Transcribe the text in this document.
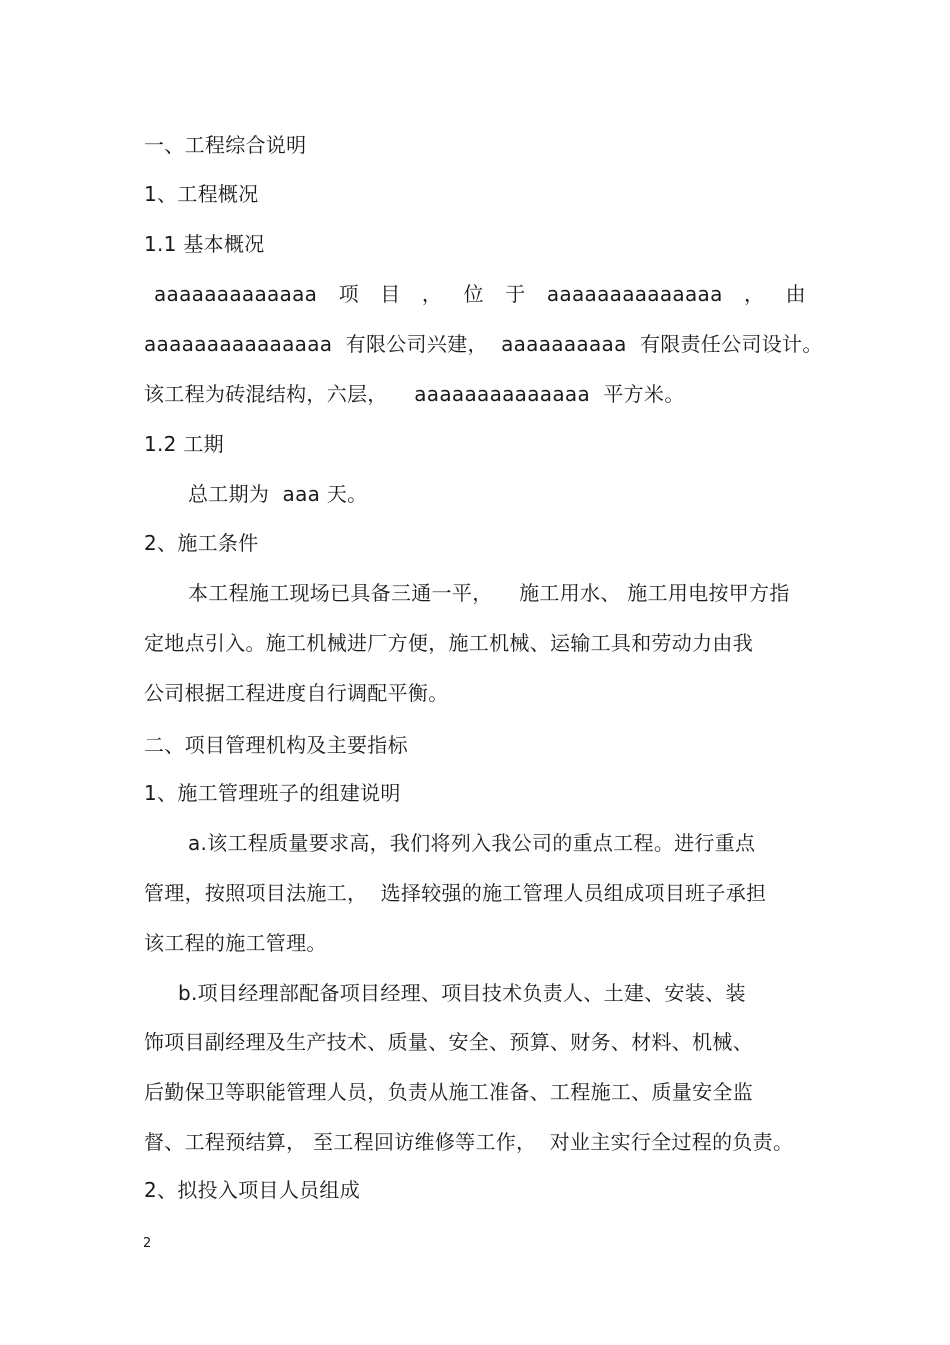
一、工程综合说明
1、工程概况
1.1 基本概况
aaaaaaaaaaaaa 项 目 ， 位 于 aaaaaaaaaaaaaa ， 由
aaaaaaaaaaaaaaa  有限公司兴建，  aaaaaaaaaa  有限责任公司设计。
该工程为砖混结构，六层，    aaaaaaaaaaaaaa  平方米。
1.2 工期
总工期为  aaa 天。
2、施工条件
本工程施工现场已具备三通一平，    施工用水、 施工用电按甲方指
定地点引入。施工机械进厂方便，施工机械、运输工具和劳动力由我
公司根据工程进度自行调配平衡。
二、项目管理机构及主要指标
1、施工管理班子的组建说明
a.该工程质量要求高，我们将列入我公司的重点工程。进行重点
管理，按照项目法施工，  选择较强的施工管理人员组成项目班子承担
该工程的施工管理。
b.项目经理部配备项目经理、项目技术负责人、土建、安装、装
饰项目副经理及生产技术、质量、安全、预算、财务、材料、机械、
后勤保卫等职能管理人员，负责从施工准备、工程施工、质量安全监
督、工程预结算， 至工程回访维修等工作，  对业主实行全过程的负责。
2、拟投入项目人员组成
2
